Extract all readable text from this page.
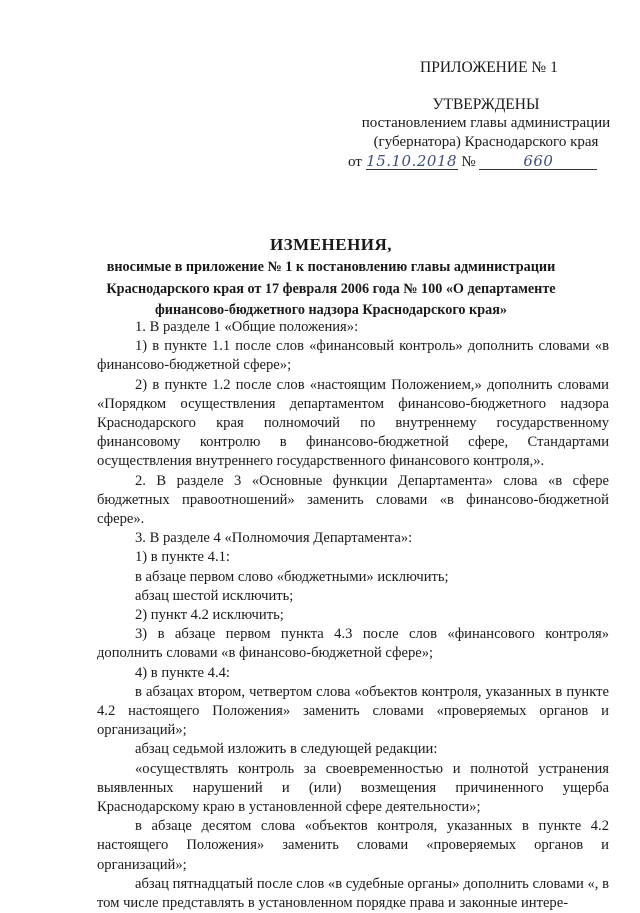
ПРИЛОЖЕНИЕ № 1
УТВЕРЖДЕНЫ
постановлением главы администрации
(губернатора) Краснодарского края
от 15.10.2018 №	660
ИЗМЕНЕНИЯ,
вносимые в приложение № 1 к постановлению главы администрации
Краснодарского края от 17 февраля 2006 года № 100 «О департаменте
финансово-бюджетного надзора Краснодарского края»

1. В разделе 1 «Общие положения»:

1) в пункте 1.1 после слов «финансовый контроль» дополнить словами «в финансово-бюджетной сфере»;

2) в пункте 1.2 после слов «настоящим Положением,» дополнить словами «Порядком осуществления департаментом финансово-бюджетного надзора Краснодарского края полномочий по внутреннему государственному финансовому контролю в финансово-бюджетной сфере, Стандартами осуществления внутреннего государственного финансового контроля,».

2. В разделе 3 «Основные функции Департамента» слова «в сфере бюджетных правоотношений» заменить словами «в финансово-бюджетной сфере».

3. В разделе 4 «Полномочия Департамента»:

1) в пункте 4.1:

в абзаце первом слово «бюджетными» исключить;

абзац шестой исключить;

2) пункт 4.2 исключить;

3) в абзаце первом пункта 4.3 после слов «финансового контроля» дополнить словами «в финансово-бюджетной сфере»;

4) в пункте 4.4:

в абзацах втором, четвертом слова «объектов контроля, указанных в пункте 4.2 настоящего Положения» заменить словами «проверяемых органов и организаций»;

абзац седьмой изложить в следующей редакции:

«осуществлять контроль за своевременностью и полнотой устранения выявленных нарушений и (или) возмещения причиненного ущерба Краснодарскому краю в установленной сфере деятельности»;

в абзаце десятом слова «объектов контроля, указанных в пункте 4.2 настоящего Положения» заменить словами «проверяемых органов и организаций»;

абзац пятнадцатый после слов «в судебные органы» дополнить словами «, в том числе представлять в установленном порядке права и законные интере-
